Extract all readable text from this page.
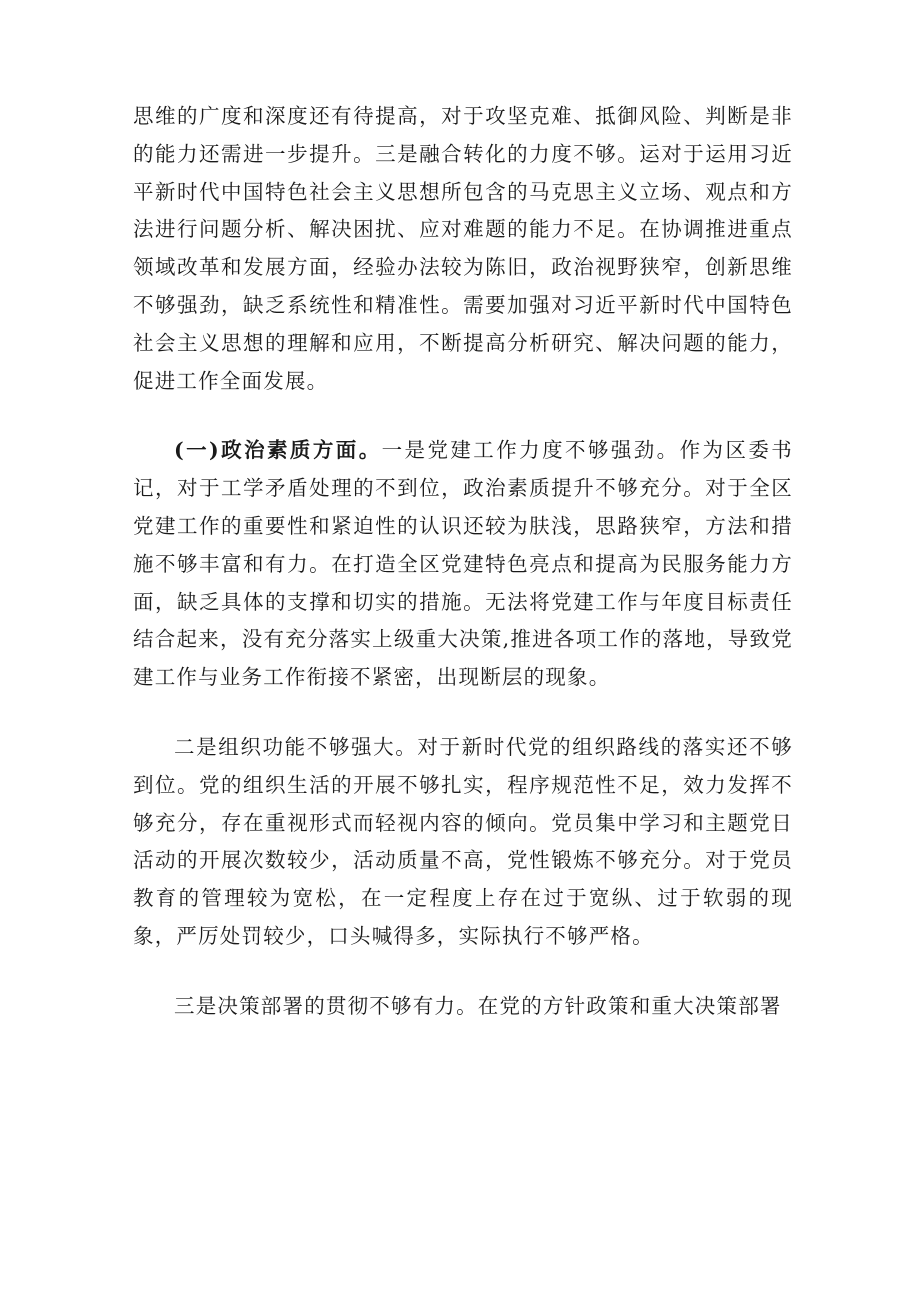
思维的广度和深度还有待提高，对于攻坚克难、抵御风险、判断是非的能力还需进一步提升。三是融合转化的力度不够。运对于运用习近平新时代中国特色社会主义思想所包含的马克思主义立场、观点和方法进行问题分析、解决困扰、应对难题的能力不足。在协调推进重点领域改革和发展方面，经验办法较为陈旧，政治视野狭窄，创新思维不够强劲，缺乏系统性和精准性。需要加强对习近平新时代中国特色社会主义思想的理解和应用，不断提高分析研究、解决问题的能力，促进工作全面发展。

(一)政治素质方面。一是党建工作力度不够强劲。作为区委书记，对于工学矛盾处理的不到位，政治素质提升不够充分。对于全区党建工作的重要性和紧迫性的认识还较为肤浅，思路狭窄，方法和措施不够丰富和有力。在打造全区党建特色亮点和提高为民服务能力方面，缺乏具体的支撑和切实的措施。无法将党建工作与年度目标责任结合起来，没有充分落实上级重大决策,推进各项工作的落地，导致党建工作与业务工作衔接不紧密，出现断层的现象。

二是组织功能不够强大。对于新时代党的组织路线的落实还不够到位。党的组织生活的开展不够扎实，程序规范性不足，效力发挥不够充分，存在重视形式而轻视内容的倾向。党员集中学习和主题党日活动的开展次数较少，活动质量不高，党性锻炼不够充分。对于党员教育的管理较为宽松，在一定程度上存在过于宽纵、过于软弱的现象，严厉处罚较少，口头喊得多，实际执行不够严格。

三是决策部署的贯彻不够有力。在党的方针政策和重大决策部署
